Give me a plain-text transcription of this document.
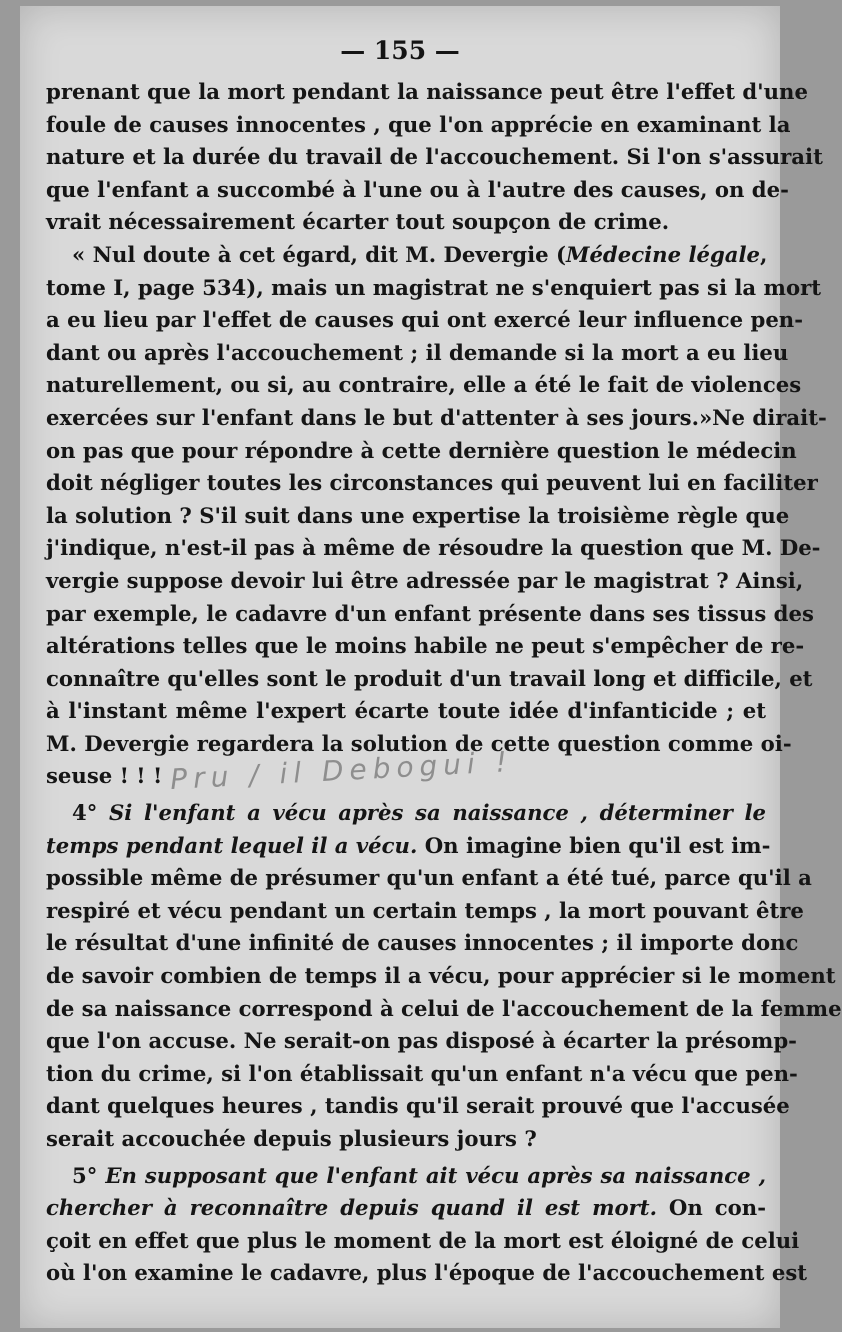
— 155 —
prenant que la mort pendant la naissance peut être l'effet d'une
foule de causes innocentes , que l'on apprécie en examinant la
nature et la durée du travail de l'accouchement. Si l'on s'assurait
que l'enfant a succombé à l'une ou à l'autre des causes, on de-
vrait nécessairement écarter tout soupçon de crime.
« Nul doute à cet égard, dit M. Devergie (Médecine légale,
tome I, page 534), mais un magistrat ne s'enquiert pas si la mort
a eu lieu par l'effet de causes qui ont exercé leur influence pen-
dant ou après l'accouchement ; il demande si la mort a eu lieu
naturellement, ou si, au contraire, elle a été le fait de violences
exercées sur l'enfant dans le but d'attenter à ses jours.»Ne dirait-
on pas que pour répondre à cette dernière question le médecin
doit négliger toutes les circonstances qui peuvent lui en faciliter
la solution ? S'il suit dans une expertise la troisième règle que
j'indique, n'est-il pas à même de résoudre la question que M. De-
vergie suppose devoir lui être adressée par le magistrat ? Ainsi,
par exemple, le cadavre d'un enfant présente dans ses tissus des
altérations telles que le moins habile ne peut s'empêcher de re-
connaître qu'elles sont le produit d'un travail long et difficile, et
à l'instant même l'expert écarte toute idée d'infanticide ; et
M. Devergie regardera la solution de cette question comme oi-
seuse ! ! !
4° Si l'enfant a vécu après sa naissance , déterminer le
temps pendant lequel il a vécu. On imagine bien qu'il est im-
possible même de présumer qu'un enfant a été tué, parce qu'il a
respiré et vécu pendant un certain temps , la mort pouvant être
le résultat d'une infinité de causes innocentes ; il importe donc
de savoir combien de temps il a vécu, pour apprécier si le moment
de sa naissance correspond à celui de l'accouchement de la femme
que l'on accuse. Ne serait-on pas disposé à écarter la présomp-
tion du crime, si l'on établissait qu'un enfant n'a vécu que pen-
dant quelques heures , tandis qu'il serait prouvé que l'accusée
serait accouchée depuis plusieurs jours ?
5° En supposant que l'enfant ait vécu après sa naissance ,
chercher à reconnaître depuis quand il est mort. On con-
çoit en effet que plus le moment de la mort est éloigné de celui
où l'on examine le cadavre, plus l'époque de l'accouchement est
Pru / il Debogui !
